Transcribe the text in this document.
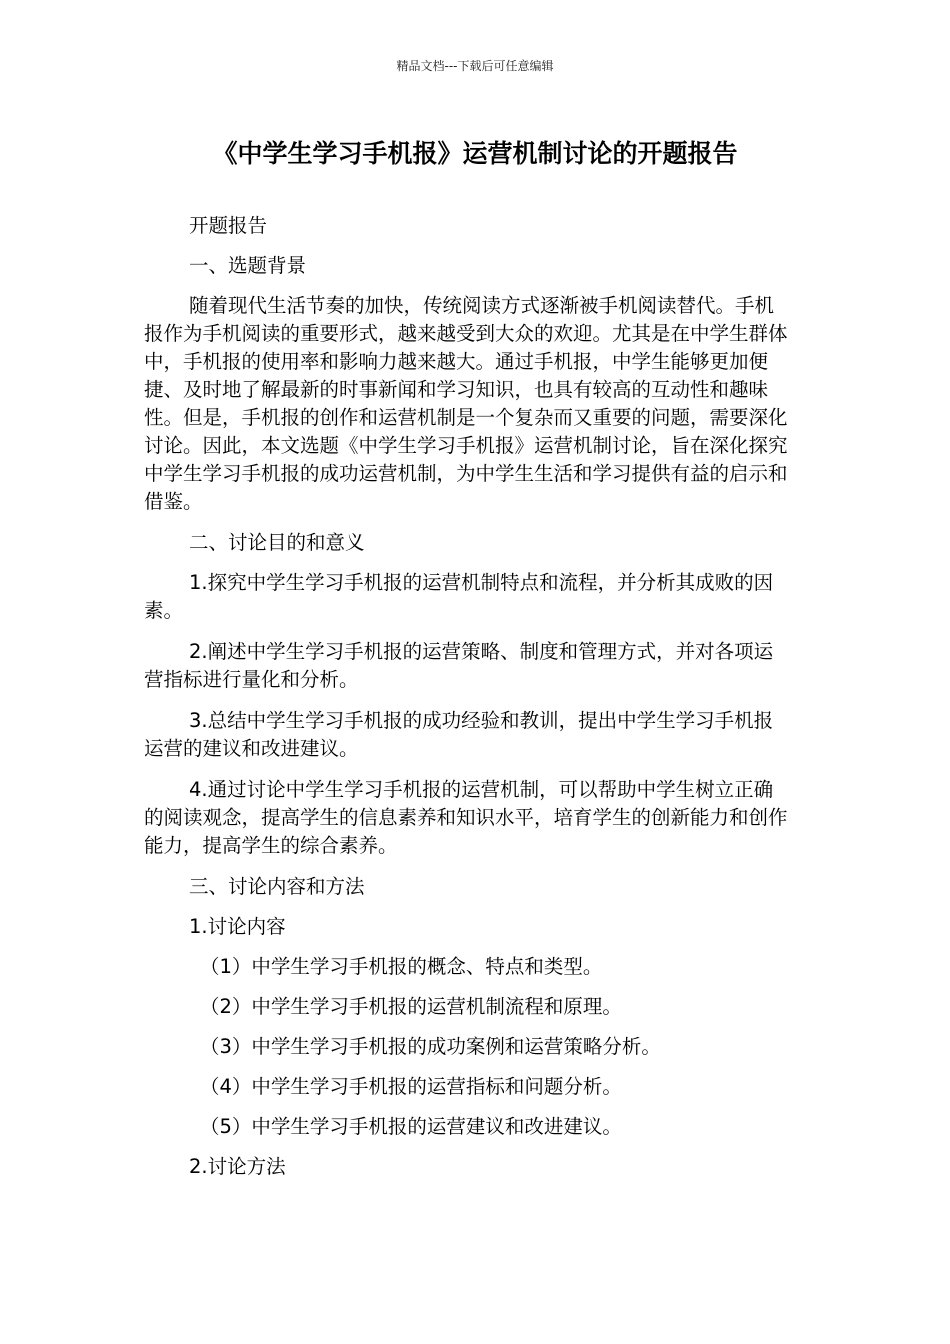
精品文档---下载后可任意编辑
《中学生学习手机报》运营机制讨论的开题报告

开题报告

一、选题背景

随着现代生活节奏的加快，传统阅读方式逐渐被手机阅读替代。手机报作为手机阅读的重要形式，越来越受到大众的欢迎。尤其是在中学生群体中，手机报的使用率和影响力越来越大。通过手机报，中学生能够更加便捷、及时地了解最新的时事新闻和学习知识，也具有较高的互动性和趣味性。但是，手机报的创作和运营机制是一个复杂而又重要的问题，需要深化讨论。因此，本文选题《中学生学习手机报》运营机制讨论，旨在深化探究中学生学习手机报的成功运营机制，为中学生生活和学习提供有益的启示和借鉴。

二、讨论目的和意义

1.探究中学生学习手机报的运营机制特点和流程，并分析其成败的因素。

2.阐述中学生学习手机报的运营策略、制度和管理方式，并对各项运营指标进行量化和分析。

3.总结中学生学习手机报的成功经验和教训，提出中学生学习手机报运营的建议和改进建议。

4.通过讨论中学生学习手机报的运营机制，可以帮助中学生树立正确的阅读观念，提高学生的信息素养和知识水平，培育学生的创新能力和创作能力，提高学生的综合素养。

三、讨论内容和方法

1.讨论内容

（1）中学生学习手机报的概念、特点和类型。

（2）中学生学习手机报的运营机制流程和原理。

（3）中学生学习手机报的成功案例和运营策略分析。

（4）中学生学习手机报的运营指标和问题分析。

（5）中学生学习手机报的运营建议和改进建议。

2.讨论方法
